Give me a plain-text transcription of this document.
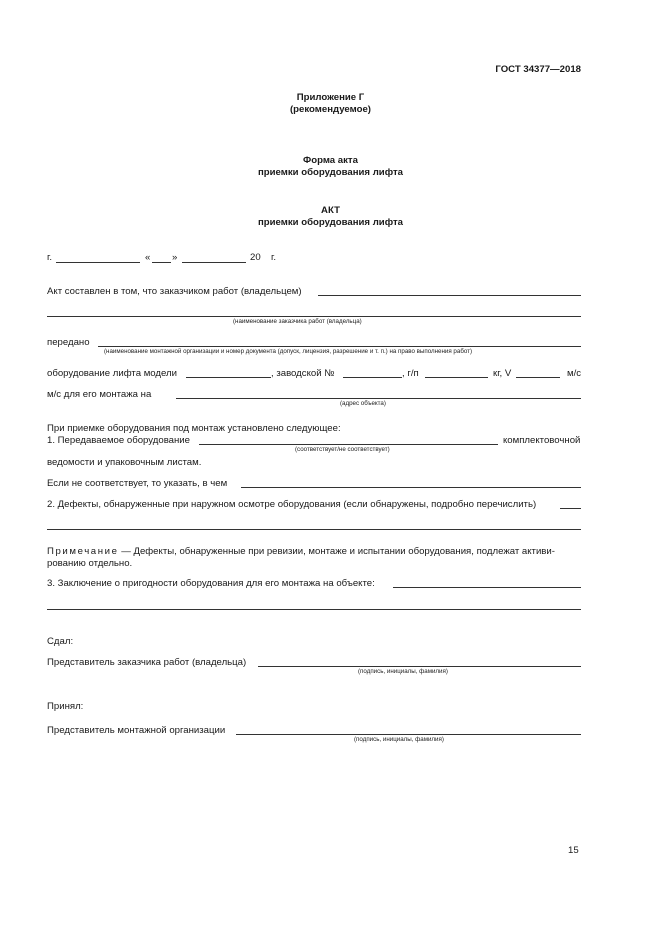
ГОСТ 34377—2018
Приложение Г
(рекомендуемое)
Форма акта
приемки оборудования лифта
АКТ
приемки оборудования лифта
г.	« »	20 г.
Акт составлен в том, что заказчиком работ (владельцем)
(наименование заказчика работ (владельца)
передано
(наименование монтажной организации и номер документа (допуск, лицензия, разрешение и т. п.) на право выполнения работ)
оборудование лифта модели	, заводской №	, г/п	кг, V	м/с
м/с для его монтажа на
(адрес объекта)
При приемке оборудования под монтаж установлено следующее:
1. Передаваемое оборудование	комплектовочной
(соответствует/не соответствует)
ведомости и упаковочным листам.
Если не соответствует, то указать, в чем
2. Дефекты, обнаруженные при наружном осмотре оборудования (если обнаружены, подробно перечислить)
Примечание — Дефекты, обнаруженные при ревизии, монтаже и испытании оборудования, подлежат активи-
рованию отдельно.
3. Заключение о пригодности оборудования для его монтажа на объекте:
Сдал:
Представитель заказчика работ (владельца)
(подпись, инициалы, фамилия)
Принял:
Представитель монтажной организации
(подпись, инициалы, фамилия)
15
